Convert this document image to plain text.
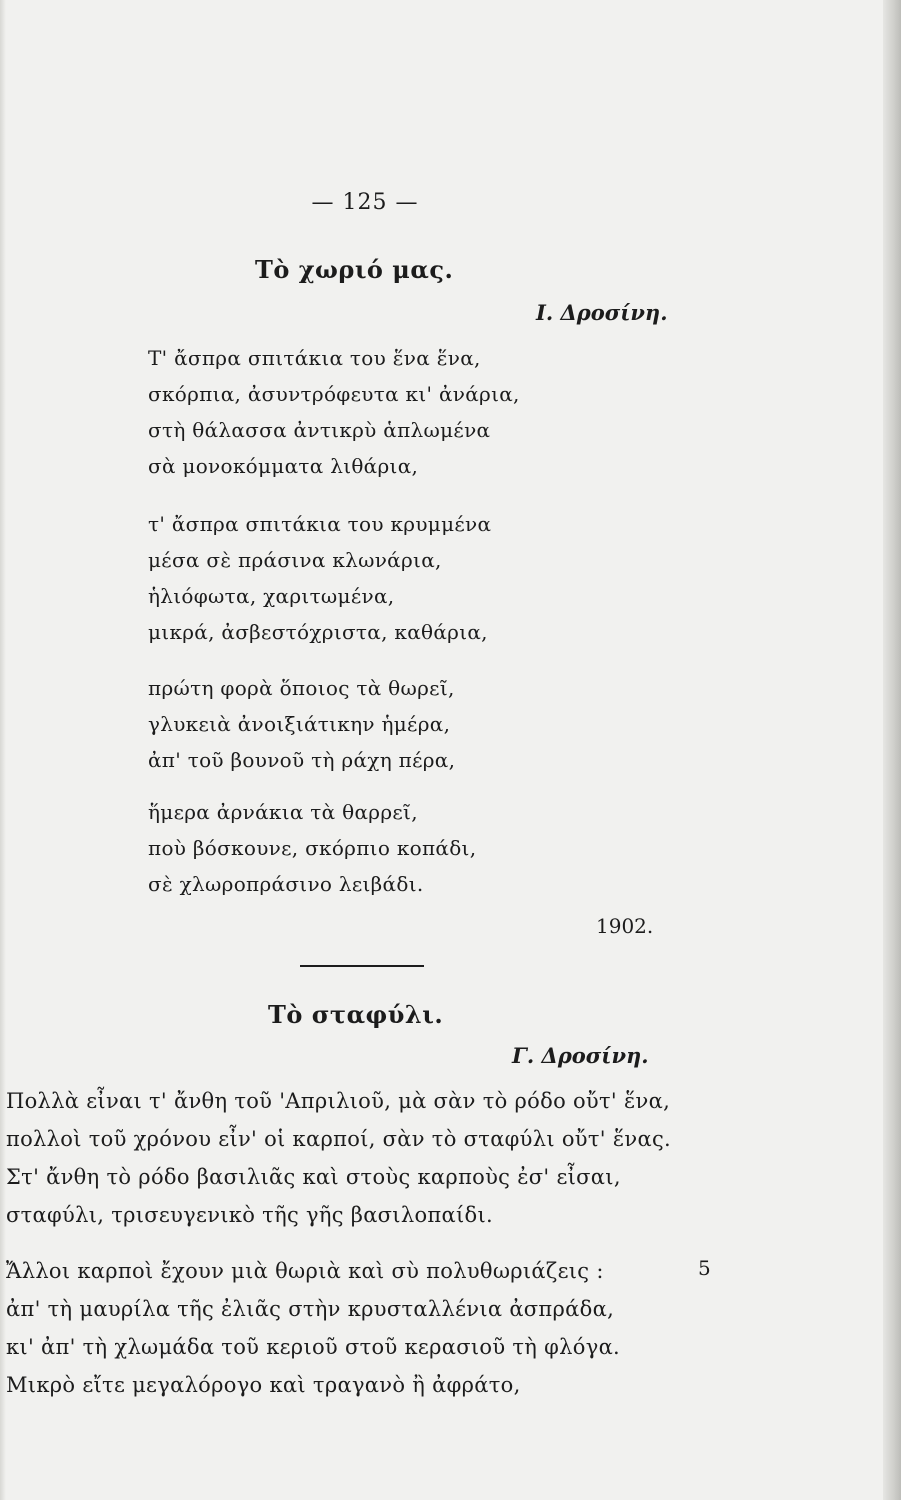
— 125 —
Τὸ χωριό μας.
Ι. Δροσίνη.
Τ' ἄσπρα σπιτάκια του ἕνα ἕνα,
σκόρπια, ἀσυντρόφευτα κι' ἀνάρια,
στὴ θάλασσα ἀντικρὺ ἁπλωμένα
σὰ μονοκόμματα λιθάρια,
τ' ἄσπρα σπιτάκια του κρυμμένα
μέσα σὲ πράσινα κλωνάρια,
ἡλιόφωτα, χαριτωμένα,
μικρά, ἀσβεστόχριστα, καθάρια,
πρώτη φορὰ ὅποιος τὰ θωρεῖ,
γλυκειὰ ἀνοιξιάτικην ἡμέρα,
ἀπ' τοῦ βουνοῦ τὴ ράχη πέρα,
ἥμερα ἀρνάκια τὰ θαρρεῖ,
ποὺ βόσκουνε, σκόρπιο κοπάδι,
σὲ χλωροπράσινο λειβάδι.
1902.
Τὸ σταφύλι.
Γ. Δροσίνη.
Πολλὰ εἶναι τ' ἄνθη τοῦ 'Απριλιοῦ, μὰ σὰν τὸ ρόδο οὔτ' ἕνα,
πολλοὶ τοῦ χρόνου εἶν' οἱ καρποί, σὰν τὸ σταφύλι οὔτ' ἕνας.
Στ' ἄνθη τὸ ρόδο βασιλιᾶς καὶ στοὺς καρποὺς ἐσ' εἶσαι,
σταφύλι, τρισευγενικὸ τῆς γῆς βασιλοπαίδι.
Ἄλλοι καρποὶ ἔχουν μιὰ θωριὰ καὶ σὺ πολυθωριάζεις :
ἀπ' τὴ μαυρίλα τῆς ἐλιᾶς στὴν κρυσταλλένια ἀσπράδα,
κι' ἀπ' τὴ χλωμάδα τοῦ κεριοῦ στοῦ κερασιοῦ τὴ φλόγα.
Μικρὸ εἴτε μεγαλόρογο καὶ τραγανὸ ἢ ἀφράτο,
5
